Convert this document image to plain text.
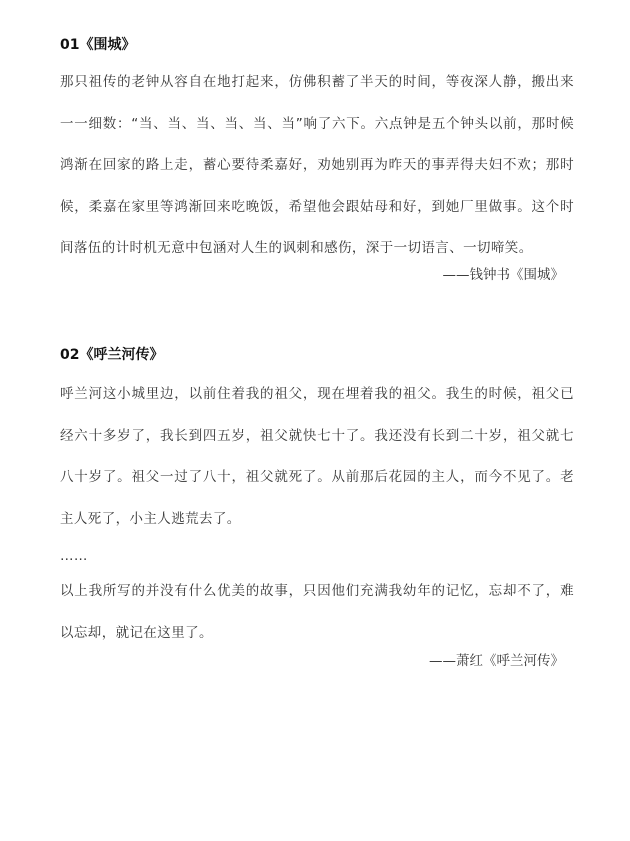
01《围城》
那只祖传的老钟从容自在地打起来，仿佛积蓄了半天的时间，等夜深人静，搬出来一一细数：“当、当、当、当、当、当”响了六下。六点钟是五个钟头以前，那时候鸿渐在回家的路上走，蓄心要待柔嘉好，劝她别再为昨天的事弄得夫妇不欢；那时候，柔嘉在家里等鸿渐回来吃晚饭，希望他会跟姑母和好，到她厂里做事。这个时间落伍的计时机无意中包涵对人生的讽刺和感伤，深于一切语言、一切啼笑。
——钱钟书《围城》
02《呼兰河传》
呼兰河这小城里边，以前住着我的祖父，现在埋着我的祖父。我生的时候，祖父已经六十多岁了，我长到四五岁，祖父就快七十了。我还没有长到二十岁，祖父就七八十岁了。祖父一过了八十，祖父就死了。从前那后花园的主人，而今不见了。老主人死了，小主人逃荒去了。
……
以上我所写的并没有什么优美的故事，只因他们充满我幼年的记忆，忘却不了，难以忘却，就记在这里了。
——萧红《呼兰河传》
